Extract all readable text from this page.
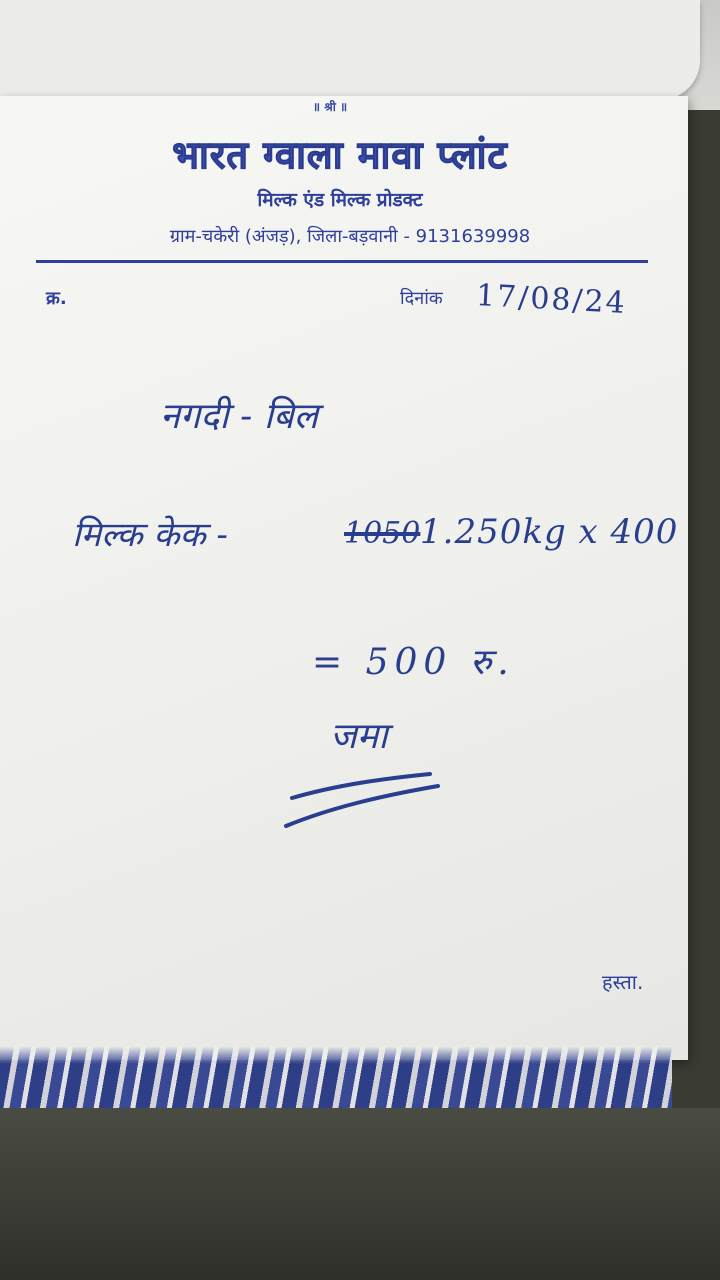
॥ श्री ॥
भारत ग्वाला मावा प्लांट
मिल्क एंड मिल्क प्रोडक्ट
ग्राम-चकेरी (अंजड़), जिला-बड़वानी - 9131639998
क्र.	दिनांक 17/08/24
नगदी - बिल
मिल्क केक -	1050 1.250kg x 400
= 500 रु.
जमा
हस्ता.
